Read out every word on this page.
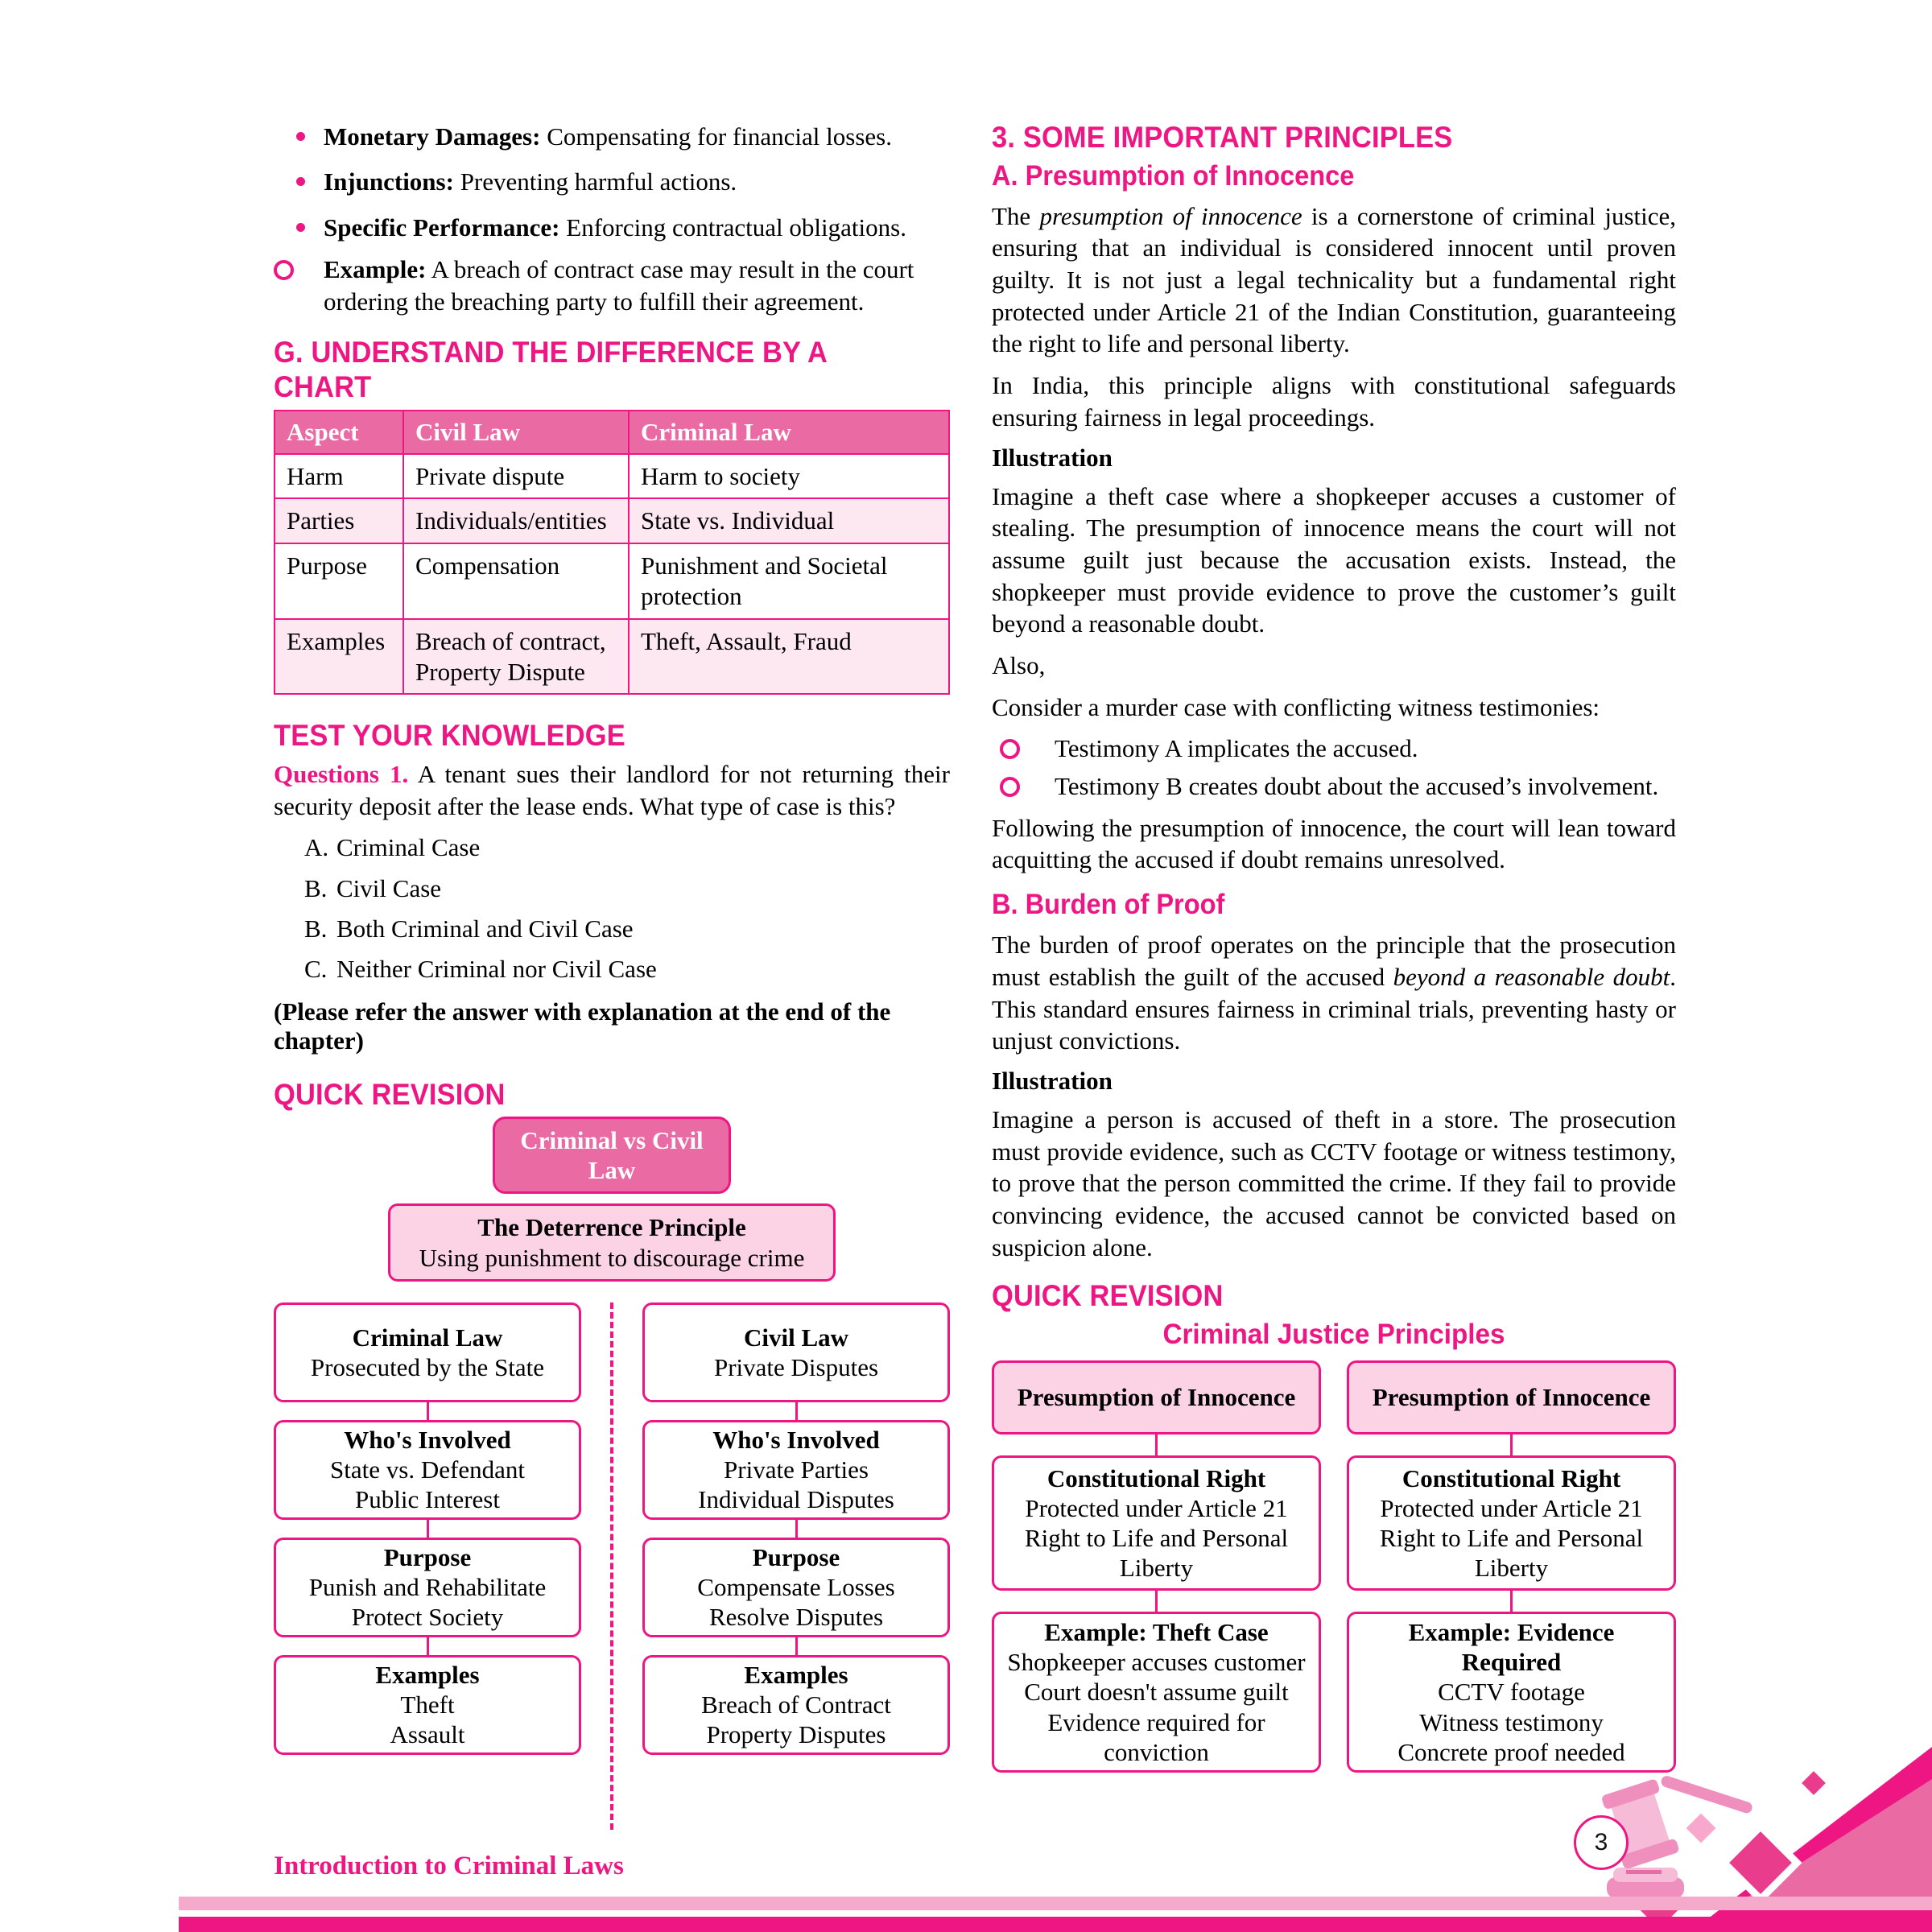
Monetary Damages: Compensating for financial losses.
Injunctions: Preventing harmful actions.
Specific Performance: Enforcing contractual obligations.
Example: A breach of contract case may result in the court ordering the breaching party to fulfill their agreement.
G. UNDERSTAND THE DIFFERENCE BY A CHART
Aspect	Civil Law	Criminal Law
Harm	Private dispute	Harm to society
Parties	Individuals/entities	State vs. Individual
Purpose	Compensation	Punishment and Societal protection
Examples	Breach of contract, Property Dispute	Theft, Assault, Fraud
TEST YOUR KNOWLEDGE

Questions 1. A tenant sues their landlord for not returning their security deposit after the lease ends. What type of case is this?

A. Criminal Case
B. Civil Case
B. Both Criminal and Civil Case
C. Neither Criminal nor Civil Case
(Please refer the answer with explanation at the end of the chapter)
QUICK REVISION
Criminal vs Civil Law
The Deterrence Principle
Using punishment to discourage crime
Criminal Law
Prosecuted by the State
Who's Involved
State vs. Defendant
Public Interest
Purpose
Punish and Rehabilitate
Protect Society
Examples
Theft
Assault
Civil Law
Private Disputes
Who's Involved
Private Parties
Individual Disputes
Purpose
Compensate Losses
Resolve Disputes
Examples
Breach of Contract
Property Disputes
3. SOME IMPORTANT PRINCIPLES
A. Presumption of Innocence

The presumption of innocence is a cornerstone of criminal justice, ensuring that an individual is considered innocent until proven guilty. It is not just a legal technicality but a fundamental right protected under Article 21 of the Indian Constitution, guaranteeing the right to life and personal liberty.

In India, this principle aligns with constitutional safeguards ensuring fairness in legal proceedings.

Illustration

Imagine a theft case where a shopkeeper accuses a customer of stealing. The presumption of innocence means the court will not assume guilt just because the accusation exists. Instead, the shopkeeper must provide evidence to prove the customer’s guilt beyond a reasonable doubt.

Also,

Consider a murder case with conflicting witness testimonies:

Testimony A implicates the accused.
Testimony B creates doubt about the accused’s involvement.

Following the presumption of innocence, the court will lean toward acquitting the accused if doubt remains unresolved.

B. Burden of Proof

The burden of proof operates on the principle that the prosecution must establish the guilt of the accused beyond a reasonable doubt. This standard ensures fairness in criminal trials, preventing hasty or unjust convictions.

Illustration

Imagine a person is accused of theft in a store. The prosecution must provide evidence, such as CCTV footage or witness testimony, to prove that the person committed the crime. If they fail to provide convincing evidence, the accused cannot be convicted based on suspicion alone.

QUICK REVISION
Criminal Justice Principles
Presumption of Innocence
Constitutional Right
Protected under Article 21
Right to Life and Personal
Liberty
Example: Theft Case
Shopkeeper accuses customer
Court doesn't assume guilt
Evidence required for
conviction
Presumption of Innocence
Constitutional Right
Protected under Article 21
Right to Life and Personal
Liberty
Example: Evidence Required
CCTV footage
Witness testimony
Concrete proof needed
3
Introduction to Criminal Laws
